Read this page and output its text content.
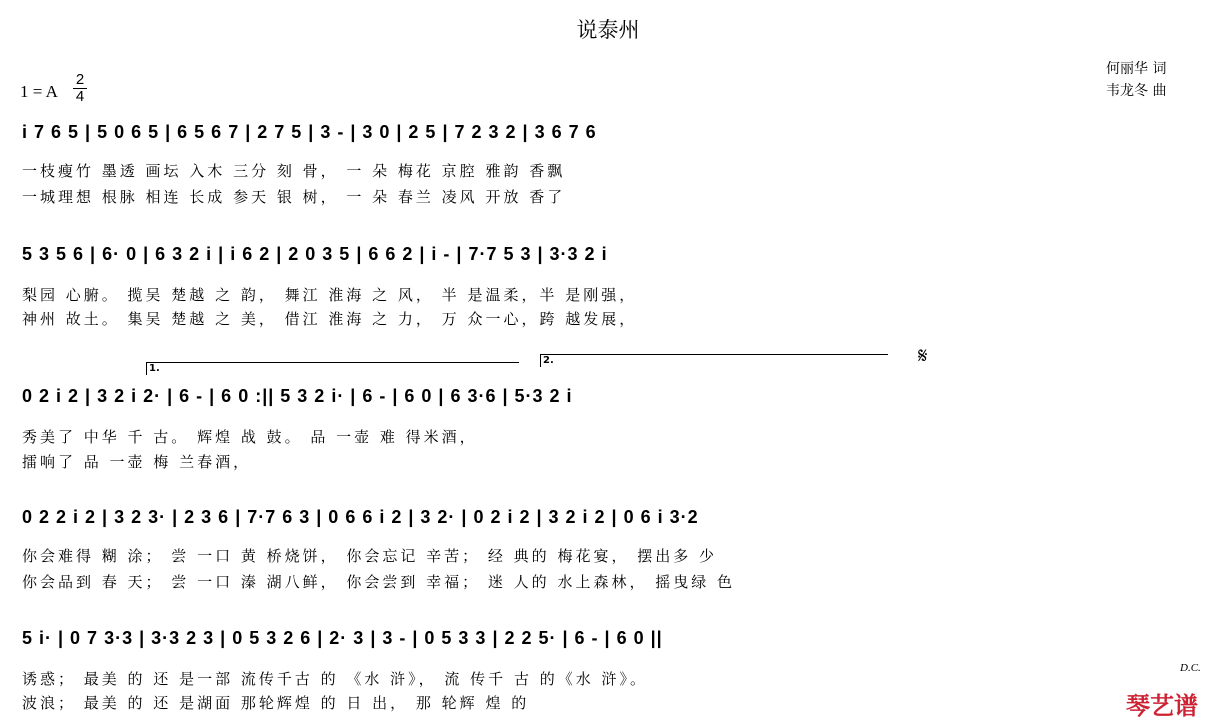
说泰州
何丽华 词
韦龙冬 曲
1 = A
2
4
i 7 6 5 | 5 0 6 5 | 6 5 6 7 | 2 7 5 | 3 - | 3 0 | 2 5 | 7 2 3 2 | 3 6 7 6
一枝瘦竹 墨透 画坛 入木 三分 刻 骨， 一 朵 梅花 京腔 雅韵 香飘
一城理想 根脉 相连 长成 参天 银 树， 一 朵 春兰 凌风 开放 香了
5 3 5 6 | 6· 0 | 6 3 2 i | i 6 2 | 2 0 3 5 | 6 6 2 | i - | 7·7 5 3 | 3·3 2 i
梨园 心腑。 揽吴 楚越 之 韵， 舞江 淮海 之 风， 半 是温柔，半 是刚强，
神州 故土。 集吴 楚越 之 美， 借江 淮海 之 力， 万 众一心，跨 越发展，
1.
2.	𝄋
0 2 i 2 | 3 2 i 2· | 6 - | 6 0 :|| 5 3 2 i· | 6 - | 6 0 | 6 3·6 | 5·3 2 i
秀美了 中华 千 古。 辉煌 战 鼓。 品 一壶 难 得米酒，
擂响了 品 一壶 梅 兰春酒，
0 2 2 i 2 | 3 2 3· | 2 3 6 | 7·7 6 3 | 0 6 6 i 2 | 3 2· | 0 2 i 2 | 3 2 i 2 | 0 6 i 3·2
你会难得 糊 涂； 尝 一口 黄 桥烧饼， 你会忘记 辛苦； 经 典的 梅花宴， 摆出多 少
你会品到 春 天； 尝 一口 溱 湖八鲜， 你会尝到 幸福； 迷 人的 水上森林， 摇曳绿 色
5 i· | 0 7 3·3 | 3·3 2 3 | 0 5 3 2 6 | 2· 3 | 3 - | 0 5 3 3 | 2 2 5· | 6 - | 6 0 ||
诱惑； 最美 的 还 是一部 流传千古 的 《水 浒》， 流 传千 古 的《水 浒》。
波浪； 最美 的 还 是湖面 那轮辉煌 的 日 出， 那 轮辉 煌 的
D.C.
琴艺谱
